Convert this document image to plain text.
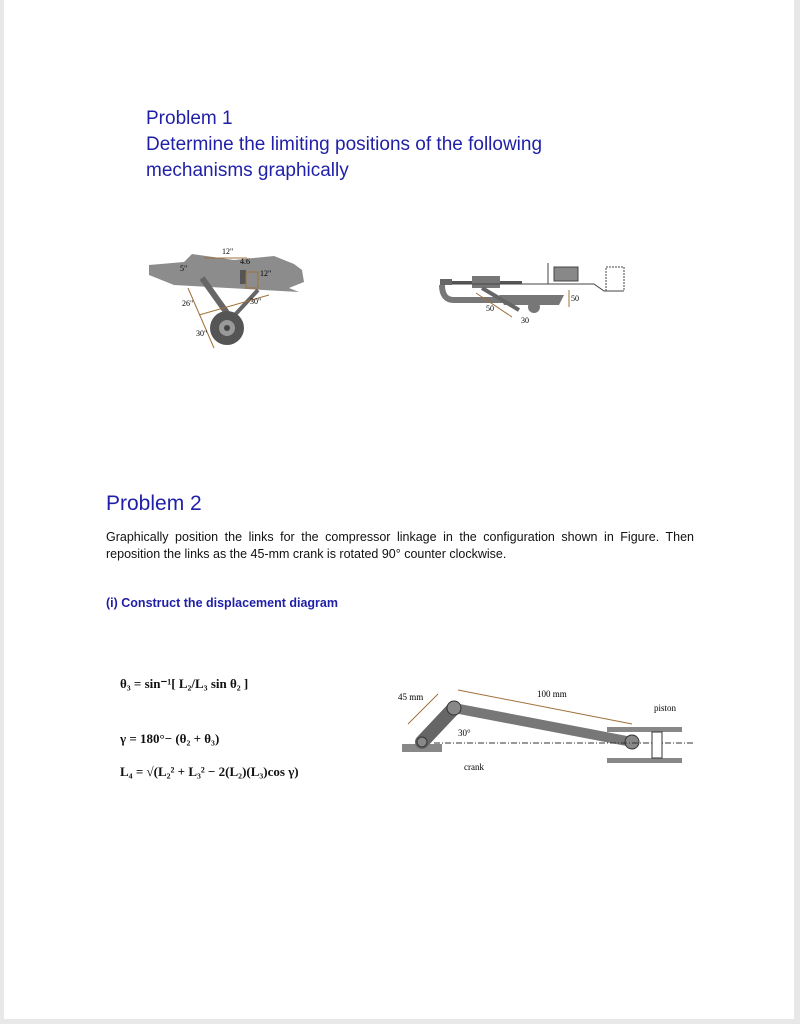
Problem 1
Determine the limiting positions of the following
mechanisms graphically
12"
4.6
5"
12"
26"	30"
30"
50
50
30
Problem 2
Graphically position the links for the compressor linkage in the configuration shown in Figure. Then reposition the links as the 45-mm crank is rotated 90° counter clockwise.
(i) Construct the displacement diagram
θ₃ = sin⁻¹[ L₂/L₃ sin θ₂ ]
γ = 180°− (θ₂ + θ₃)
L₄ = √(L₂² + L₃² − 2(L₂)(L₃)cos γ)
45 mm	100 mm
30°
crank
piston
